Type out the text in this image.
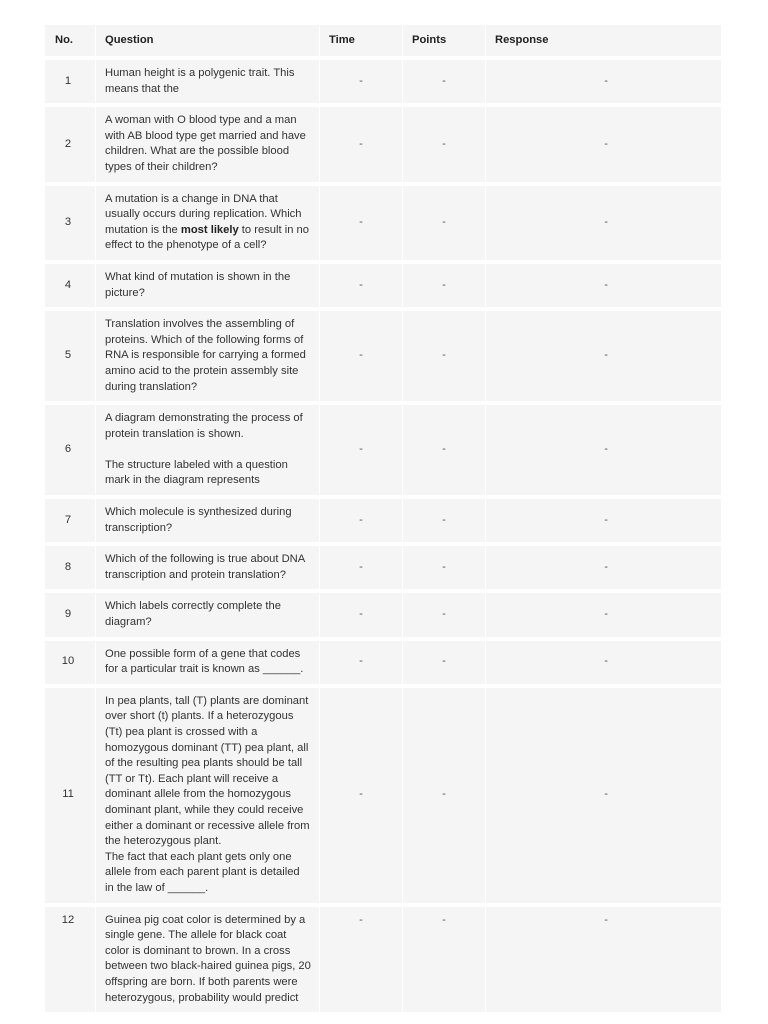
No.	Question	Time	Points	Response
1	Human height is a polygenic trait. This means that the	-	-	-
2	A woman with O blood type and a man with AB blood type get married and have children. What are the possible blood types of their children?	-	-	-
3	A mutation is a change in DNA that usually occurs during replication. Which mutation is the most likely to result in no effect to the phenotype of a cell?	-	-	-
4	What kind of mutation is shown in the picture?	-	-	-
5	Translation involves the assembling of proteins. Which of the following forms of RNA is responsible for carrying a formed amino acid to the protein assembly site during translation?	-	-	-
6	A diagram demonstrating the process of protein translation is shown.
The structure labeled with a question mark in the diagram represents	-	-	-
7	Which molecule is synthesized during transcription?	-	-	-
8	Which of the following is true about DNA transcription and protein translation?	-	-	-
9	Which labels correctly complete the diagram?	-	-	-
10	One possible form of a gene that codes for a particular trait is known as ______.	-	-	-
11	In pea plants, tall (T) plants are dominant over short (t) plants. If a heterozygous (Tt) pea plant is crossed with a homozygous dominant (TT) pea plant, all of the resulting pea plants should be tall (TT or Tt). Each plant will receive a dominant allele from the homozygous dominant plant, while they could receive either a dominant or recessive allele from the heterozygous plant.
The fact that each plant gets only one allele from each parent plant is detailed in the law of ______.	-	-	-
12	Guinea pig coat color is determined by a single gene. The allele for black coat color is dominant to brown. In a cross between two black-haired guinea pigs, 20 offspring are born. If both parents were heterozygous, probability would predict	-	-	-
